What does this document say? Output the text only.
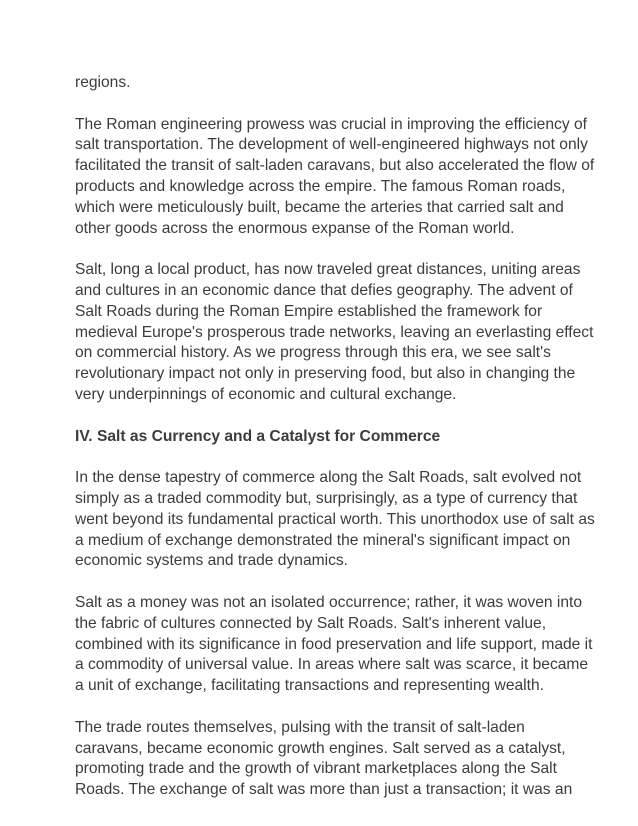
regions.
The Roman engineering prowess was crucial in improving the efficiency of
salt transportation. The development of well-engineered highways not only
facilitated the transit of salt-laden caravans, but also accelerated the flow of
products and knowledge across the empire. The famous Roman roads,
which were meticulously built, became the arteries that carried salt and
other goods across the enormous expanse of the Roman world.
Salt, long a local product, has now traveled great distances, uniting areas
and cultures in an economic dance that defies geography. The advent of
Salt Roads during the Roman Empire established the framework for
medieval Europe's prosperous trade networks, leaving an everlasting effect
on commercial history. As we progress through this era, we see salt's
revolutionary impact not only in preserving food, but also in changing the
very underpinnings of economic and cultural exchange.
IV. Salt as Currency and a Catalyst for Commerce
In the dense tapestry of commerce along the Salt Roads, salt evolved not
simply as a traded commodity but, surprisingly, as a type of currency that
went beyond its fundamental practical worth. This unorthodox use of salt as
a medium of exchange demonstrated the mineral's significant impact on
economic systems and trade dynamics.
Salt as a money was not an isolated occurrence; rather, it was woven into
the fabric of cultures connected by Salt Roads. Salt's inherent value,
combined with its significance in food preservation and life support, made it
a commodity of universal value. In areas where salt was scarce, it became
a unit of exchange, facilitating transactions and representing wealth.
The trade routes themselves, pulsing with the transit of salt-laden
caravans, became economic growth engines. Salt served as a catalyst,
promoting trade and the growth of vibrant marketplaces along the Salt
Roads. The exchange of salt was more than just a transaction; it was an
